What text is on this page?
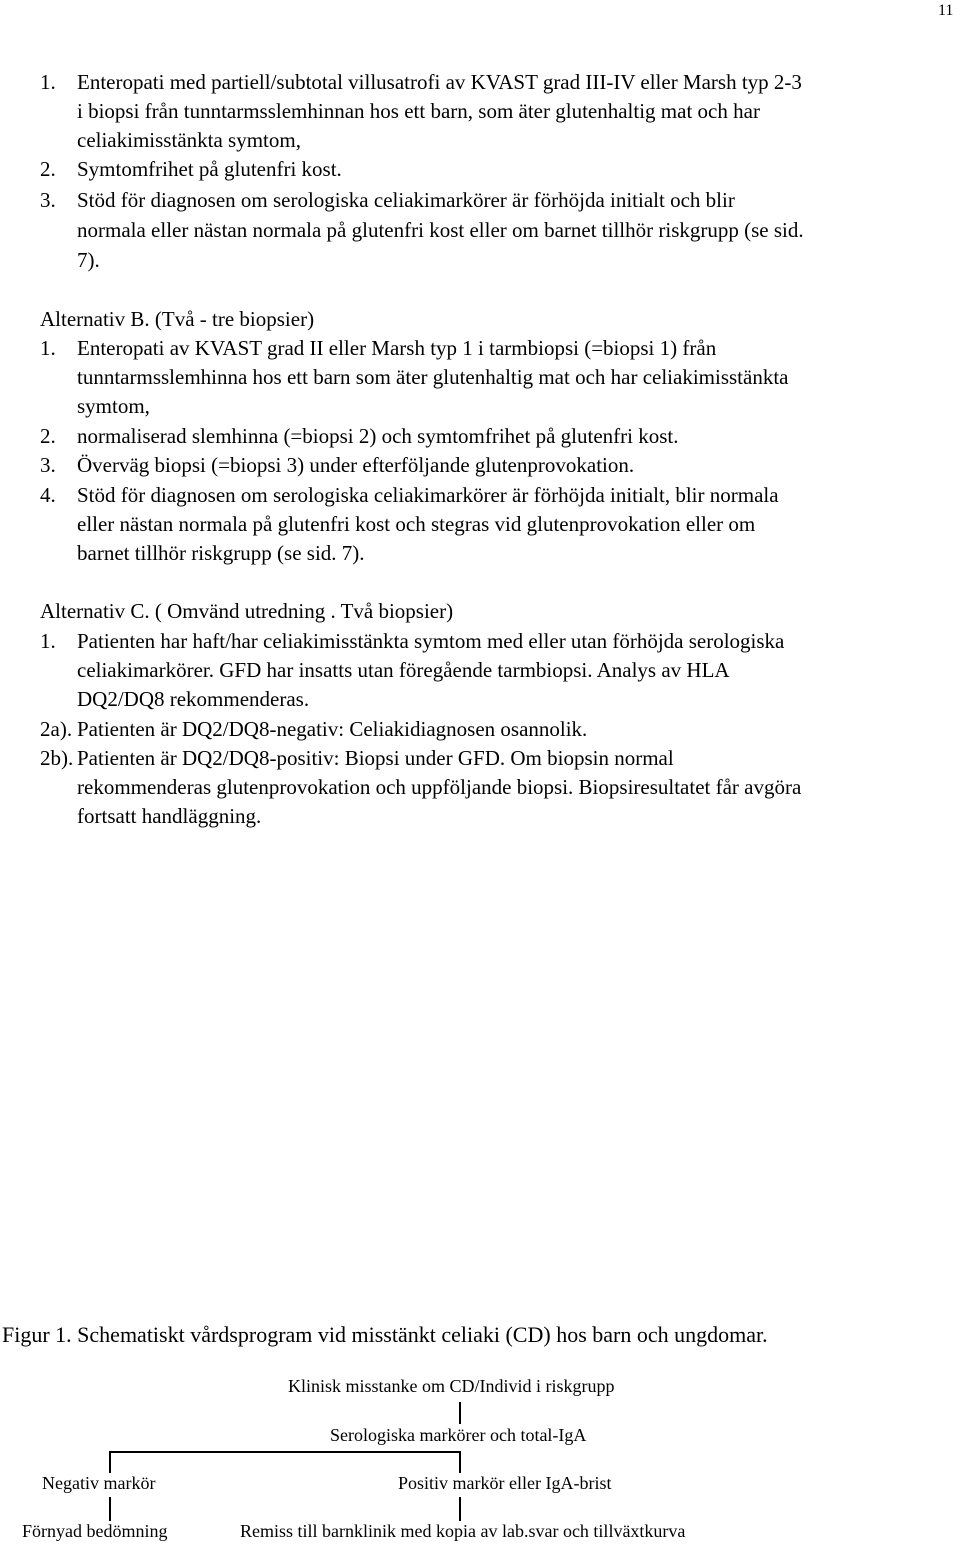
11
1. Enteropati med partiell/subtotal villusatrofi av KVAST grad III-IV eller Marsh typ 2-3
i biopsi från tunntarmsslemhinnan hos ett barn, som äter glutenhaltig mat och har
celiakimisstänkta symtom,
2. Symtomfrihet på glutenfri kost.
3. Stöd för diagnosen om serologiska celiakimarkörer är förhöjda initialt och blir
normala eller nästan normala på glutenfri kost eller om barnet tillhör riskgrupp (se sid.
7).
Alternativ B. (Två - tre biopsier)
1. Enteropati av KVAST grad II eller Marsh typ 1 i tarmbiopsi (=biopsi 1) från
tunntarmsslemhinna hos ett barn som äter glutenhaltig mat och har celiakimisstänkta
symtom,
2. normaliserad slemhinna (=biopsi 2) och symtomfrihet på glutenfri kost.
3. Överväg biopsi (=biopsi 3) under efterföljande glutenprovokation.
4. Stöd för diagnosen om serologiska celiakimarkörer är förhöjda initialt, blir normala
eller nästan normala på glutenfri kost och stegras vid glutenprovokation eller om
barnet tillhör riskgrupp (se sid. 7).
Alternativ C. ( Omvänd utredning . Två biopsier)
1. Patienten har haft/har celiakimisstänkta symtom med eller utan förhöjda serologiska
celiakimarkörer. GFD har insatts utan föregående tarmbiopsi. Analys av HLA
DQ2/DQ8 rekommenderas.
2a). Patienten är DQ2/DQ8-negativ: Celiakidiagnosen osannolik.
2b). Patienten är DQ2/DQ8-positiv: Biopsi under GFD. Om biopsin normal
rekommenderas glutenprovokation och uppföljande biopsi. Biopsiresultatet får avgöra
fortsatt handläggning.
Figur 1. Schematiskt vårdsprogram vid misstänkt celiaki (CD) hos barn och ungdomar.
Klinisk misstanke om CD/Individ i riskgrupp
Serologiska markörer och total-IgA
Negativ markör	Positiv markör eller IgA-brist
Förnyad bedömning	Remiss till barnklinik med kopia av lab.svar och tillväxtkurva
